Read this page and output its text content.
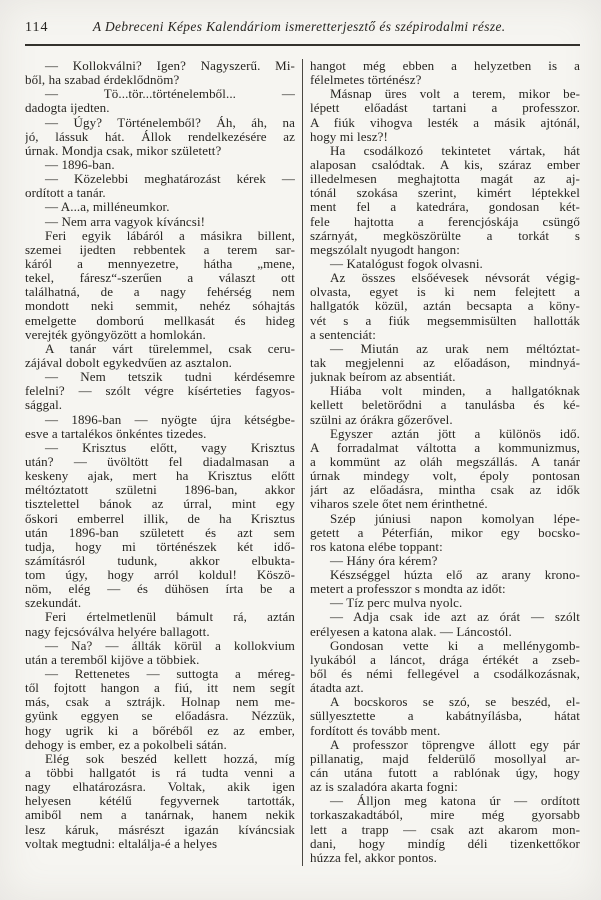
114	A Debreceni Képes Kalendáriom ismeretterjesztő és szépirodalmi része.
— Kollokválni? Igen? Nagyszerű. Mi-
ből, ha szabad érdeklődnöm?
— Tö...tör...történelemből... —
dadogta ijedten.
— Úgy? Történelemből? Áh, áh, na
jó, lássuk hát. Állok rendelkezésére az
úrnak. Mondja csak, mikor született?
— 1896-ban.
— Közelebbi meghatározást kérek —
ordított a tanár.
— A...a, milléneumkor.
— Nem arra vagyok kíváncsi!
Feri egyik lábáról a másikra billent,
szemei ijedten rebbentek a terem sar-
káról a mennyezetre, hátha „mene,
tekel, fáresz“-szerűen a választ ott
találhatná, de a nagy fehérség nem
mondott neki semmit, nehéz sóhajtás
emelgette domború mellkasát és hideg
verejték gyöngyözött a homlokán.
A tanár várt türelemmel, csak ceru-
zájával dobolt egykedvűen az asztalon.
— Nem tetszik tudni kérdésemre
felelni? — szólt végre kísérteties fagyos-
sággal.
— 1896-ban — nyögte újra kétségbe-
esve a tartalékos önkéntes tizedes.
— Krisztus előtt, vagy Krisztus
után? — üvöltött fel diadalmasan a
keskeny ajak, mert ha Krisztus előtt
méltóztatott születni 1896-ban, akkor
tisztelettel bánok az úrral, mint egy
őskori emberrel illik, de ha Krisztus
után 1896-ban született és azt sem
tudja, hogy mi történészek két idő-
számításról tudunk, akkor elbukta-
tom úgy, hogy arról koldul! Köszö-
nöm, elég — és dühösen írta be a
szekundát.
Feri értelmetlenül bámult rá, aztán
nagy fejcsóválva helyére ballagott.
— Na? — állták körül a kollokvium
után a teremből kijöve a többiek.
— Rettenetes — suttogta a méreg-
től fojtott hangon a fiú, itt nem segít
más, csak a sztrájk. Holnap nem me-
gyünk eggyen se előadásra. Nézzük,
hogy ugrik ki a bőréből ez az ember,
dehogy is ember, ez a pokolbeli sátán.
Elég sok beszéd kellett hozzá, míg
a többi hallgatót is rá tudta venni a
nagy elhatározásra. Voltak, akik igen
helyesen kétélű fegyvernek tartották,
amiből nem a tanárnak, hanem nekik
lesz káruk, másrészt igazán kíváncsiak
voltak megtudni: eltalálja-é a helyes
hangot még ebben a helyzetben is a
félelmetes történész?
Másnap üres volt a terem, mikor be-
lépett előadást tartani a professzor.
A fiúk vihogva lesték a másik ajtónál,
hogy mi lesz?!
Ha csodálkozó tekintetet vártak, hát
alaposan csalódtak. A kis, száraz ember
illedelmesen meghajtotta magát az aj-
tónál szokása szerint, kimért léptekkel
ment fel a katedrára, gondosan két-
fele hajtotta a ferencjóskája csüngő
szárnyát, megköszörülte a torkát s
megszólalt nyugodt hangon:
— Katalógust fogok olvasni.
Az összes elsőévesek névsorát végig-
olvasta, egyet is ki nem felejtett a
hallgatók közül, aztán becsapta a köny-
vét s a fiúk megsemmisülten hallották
a sentenciát:
— Miután az urak nem méltóztat-
tak megjelenni az előadáson, mindnyá-
juknak beírom az absentiát.
Hiába volt minden, a hallgatóknak
kellett beletörődni a tanulásba és ké-
szülni az órákra gőzerővel.
Egyszer aztán jött a különös idő.
A forradalmat váltotta a kommunizmus,
a kommünt az oláh megszállás. A tanár
úrnak mindegy volt, époly pontosan
járt az előadásra, mintha csak az idők
viharos szele őtet nem érinthetné.
Szép júniusi napon komolyan lépe-
getett a Péterfián, mikor egy bocsko-
ros katona elébe toppant:
— Hány óra kérem?
Készséggel húzta elő az arany krono-
metert a professzor s mondta az időt:
— Tíz perc mulva nyolc.
— Adja csak ide azt az órát — szólt
erélyesen a katona alak. — Láncostól.
Gondosan vette ki a mellénygomb-
lyukából a láncot, drága értékét a zseb-
ből és némi fellegével a csodálkozásnak,
átadta azt.
A bocskoros se szó, se beszéd, el-
süllyesztette a kabátnyílásba, hátat
fordított és tovább ment.
A professzor töprengve állott egy pár
pillanatig, majd felderülő mosollyal ar-
cán utána futott a rablónak úgy, hogy
az is szaladóra akarta fogni:
— Álljon meg katona úr — ordított
torkaszakadtából, mire még gyorsabb
lett a trapp — csak azt akarom mon-
dani, hogy mindíg déli tizenkettőkor
húzza fel, akkor pontos.
